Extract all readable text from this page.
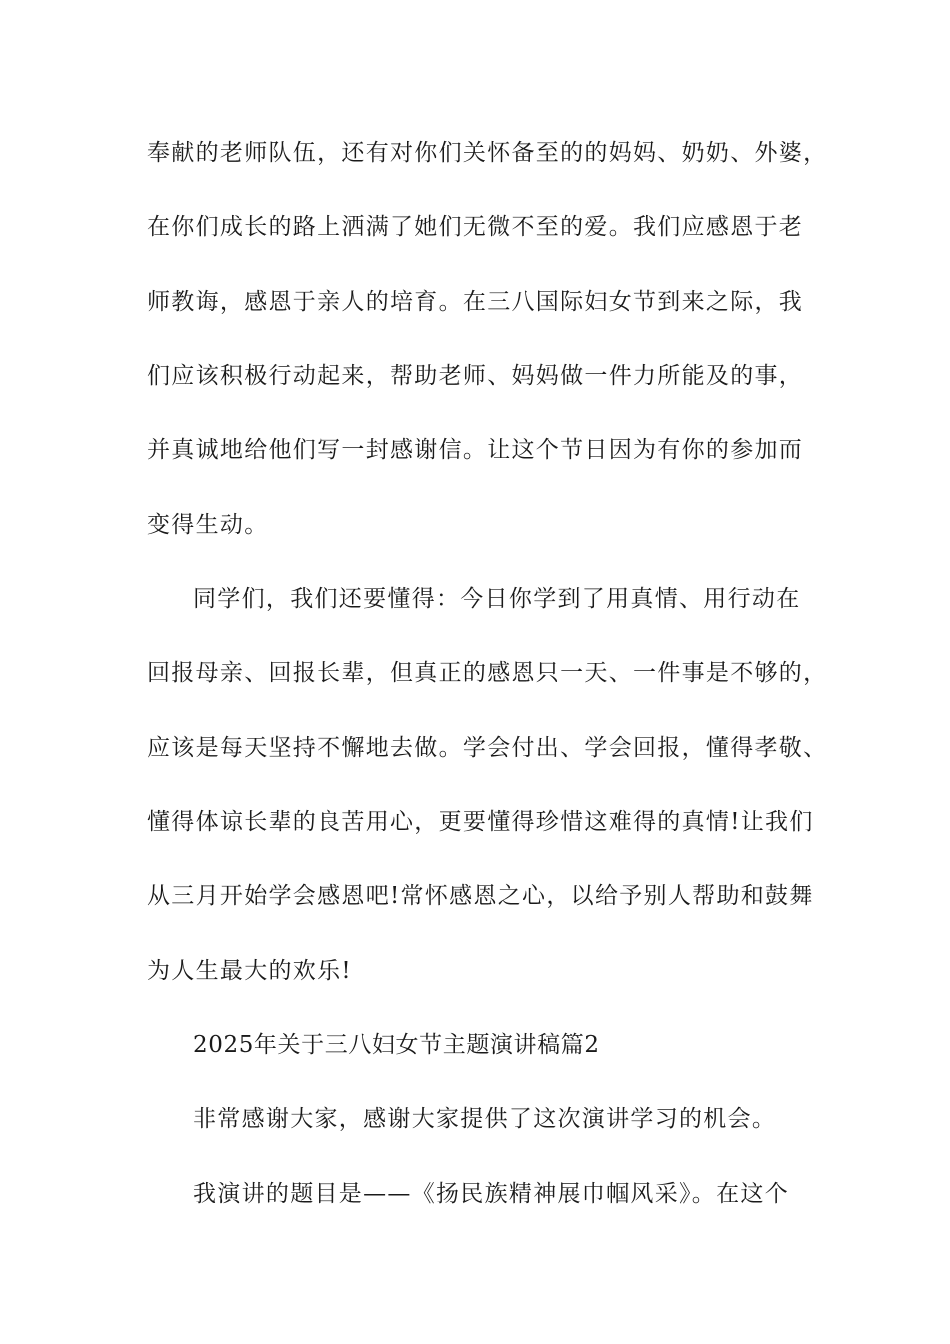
奉献的老师队伍，还有对你们关怀备至的的妈妈、奶奶、外婆，
在你们成长的路上洒满了她们无微不至的爱。我们应感恩于老
师教诲，感恩于亲人的培育。在三八国际妇女节到来之际，我
们应该积极行动起来，帮助老师、妈妈做一件力所能及的事，
并真诚地给他们写一封感谢信。让这个节日因为有你的参加而
变得生动。
同学们，我们还要懂得：今日你学到了用真情、用行动在
回报母亲、回报长辈，但真正的感恩只一天、一件事是不够的，
应该是每天坚持不懈地去做。学会付出、学会回报，懂得孝敬、
懂得体谅长辈的良苦用心，更要懂得珍惜这难得的真情!让我们
从三月开始学会感恩吧!常怀感恩之心，以给予别人帮助和鼓舞
为人生最大的欢乐!
2025年关于三八妇女节主题演讲稿篇2
非常感谢大家，感谢大家提供了这次演讲学习的机会。
我演讲的题目是——《扬民族精神展巾帼风采》。在这个
